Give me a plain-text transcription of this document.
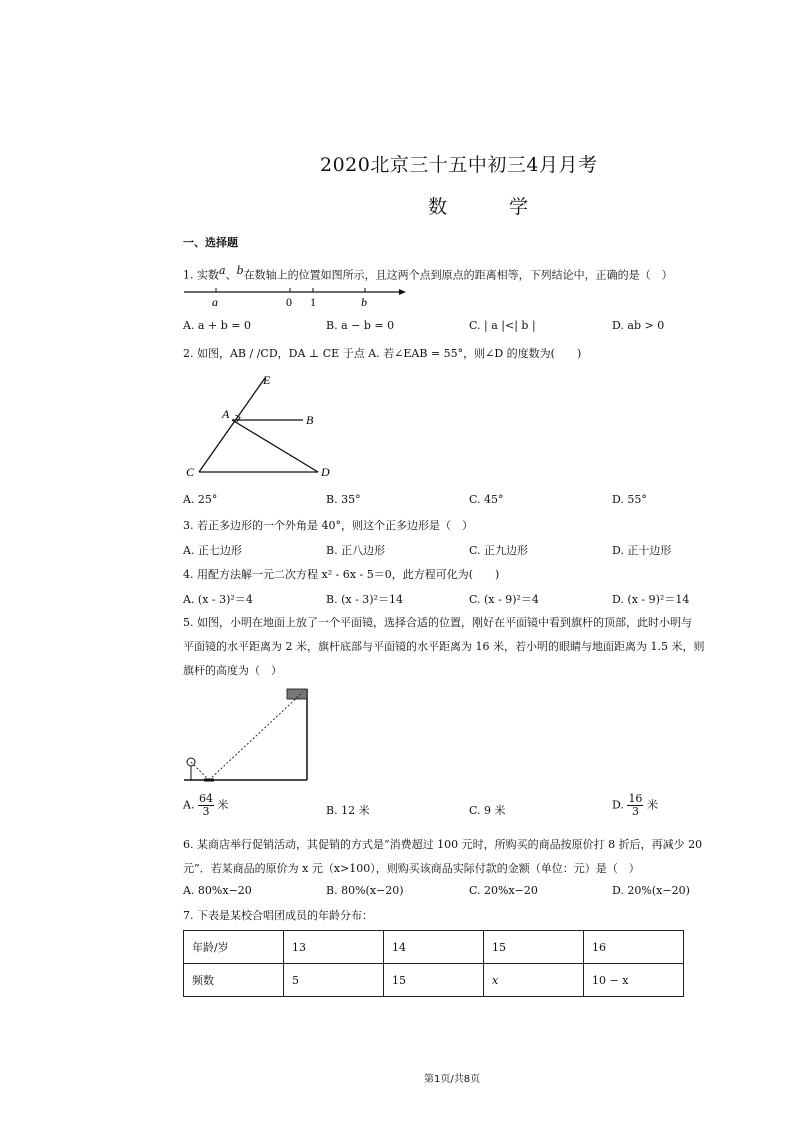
2020北京三十五中初三4月月考
数 学
一、选择题
1. 实数$^a$、$^b$在数轴上的位置如图所示，且这两个点到原点的距离相等，下列结论中，正确的是（　）
a	0 1	b
A. a + b = 0	B. a − b = 0	C. | a |<| b |	D. ab > 0
2. 如图，AB / /CD，DA ⊥ CE 于点 A. 若∠EAB = 55°，则∠D 的度数为(　　)
E
A	B
C	D
A. 25°	B. 35°	C. 45°	D. 55°
3. 若正多边形的一个外角是 40°，则这个正多边形是（　）
A. 正七边形	B. 正八边形	C. 正九边形	D. 正十边形
4. 用配方法解一元二次方程 x² - 6x - 5＝0，此方程可化为(　　)
A. (x - 3)²＝4	B. (x - 3)²＝14	C. (x - 9)²＝4	D. (x - 9)²＝14
5. 如图，小明在地面上放了一个平面镜，选择合适的位置，刚好在平面镜中看到旗杆的顶部，此时小明与
平面镜的水平距离为 2 米，旗杆底部与平面镜的水平距离为 16 米，若小明的眼睛与地面距离为 1.5 米，则
旗杆的高度为（　）
A. $\frac{64}{3}$ 米	B. 12 米	C. 9 米	D. $\frac{16}{3}$ 米
6. 某商店举行促销活动，其促销的方式是“消费超过 100 元时，所购买的商品按原价打 8 折后，再减少 20
元”．若某商品的原价为 x 元（x>100），则购买该商品实际付款的金额（单位：元）是（　）
A. 80%x−20	B. 80%(x−20)	C. 20%x−20	D. 20%(x−20)
7. 下表是某校合唱团成员的年龄分布：
年龄/岁	13	14	15	16
频数	5	15	x	10 − x
第1页/共8页
